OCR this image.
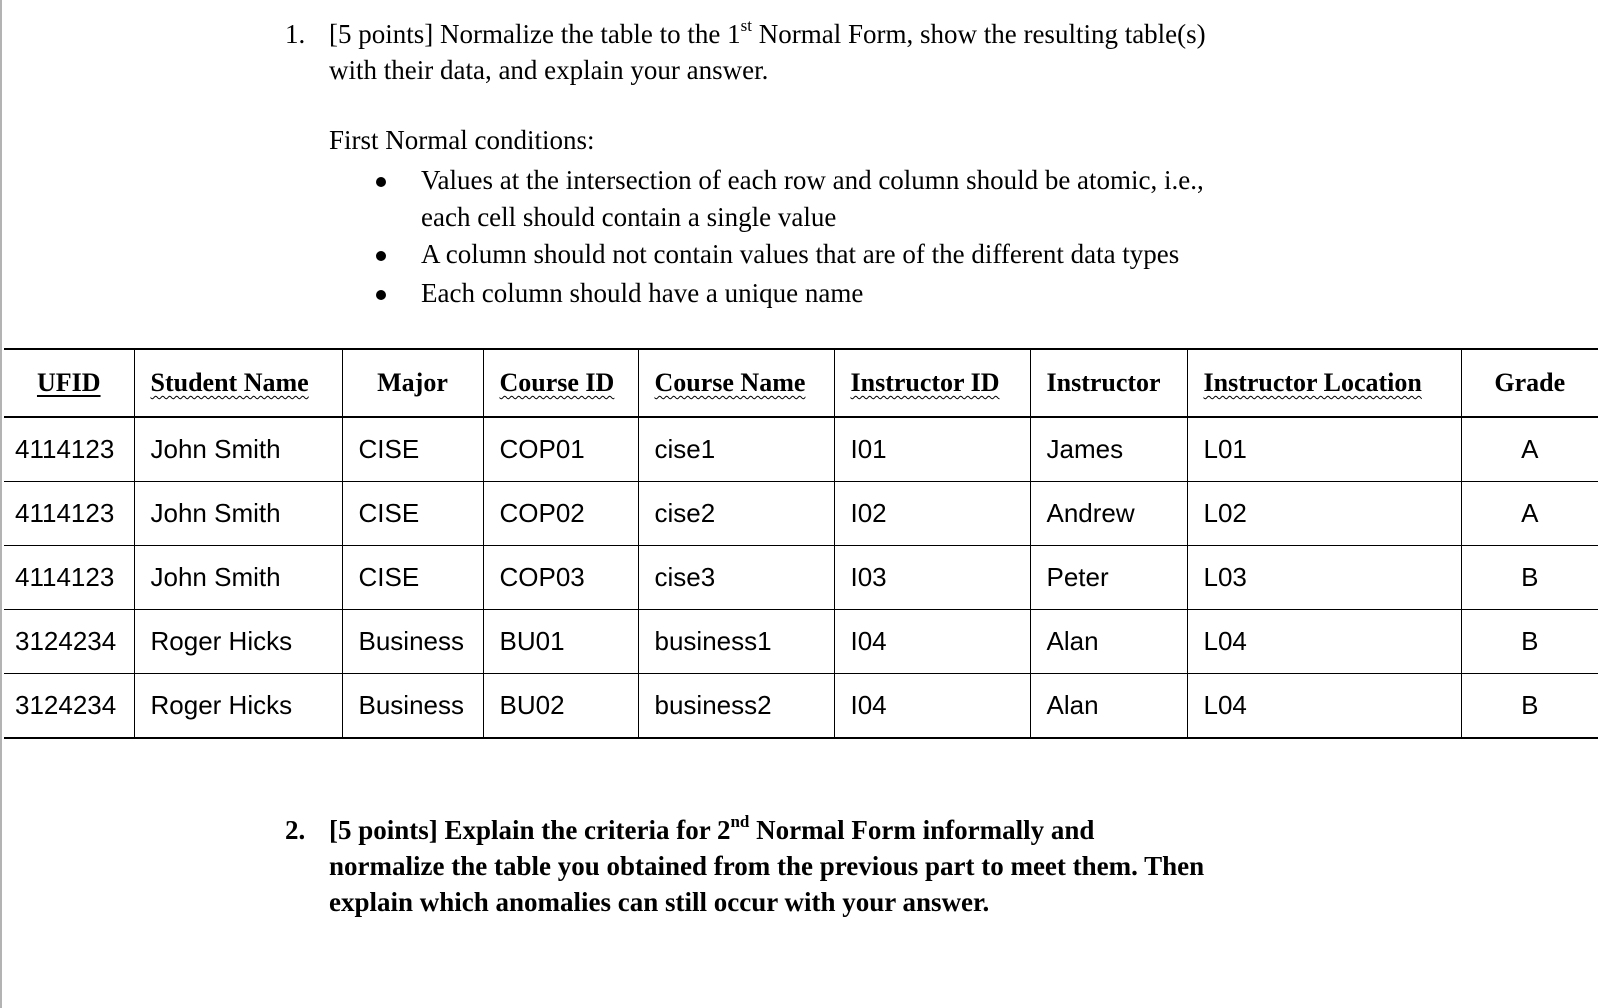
1. [5 points] Normalize the table to the 1st Normal Form, show the resulting table(s)
with their data, and explain your answer.
First Normal conditions:
Values at the intersection of each row and column should be atomic, i.e.,
each cell should contain a single value
A column should not contain values that are of the different data types
Each column should have a unique name
UFID	Student Name	Major	Course ID	Course Name	Instructor ID	Instructor	Instructor Location	Grade
4114123	John Smith	CISE	COP01	cise1	I01	James	L01	A
4114123	John Smith	CISE	COP02	cise2	I02	Andrew	L02	A
4114123	John Smith	CISE	COP03	cise3	I03	Peter	L03	B
3124234	Roger Hicks	Business	BU01	business1	I04	Alan	L04	B
3124234	Roger Hicks	Business	BU02	business2	I04	Alan	L04	B
2. [5 points] Explain the criteria for 2nd Normal Form informally and
normalize the table you obtained from the previous part to meet them. Then
explain which anomalies can still occur with your answer.
